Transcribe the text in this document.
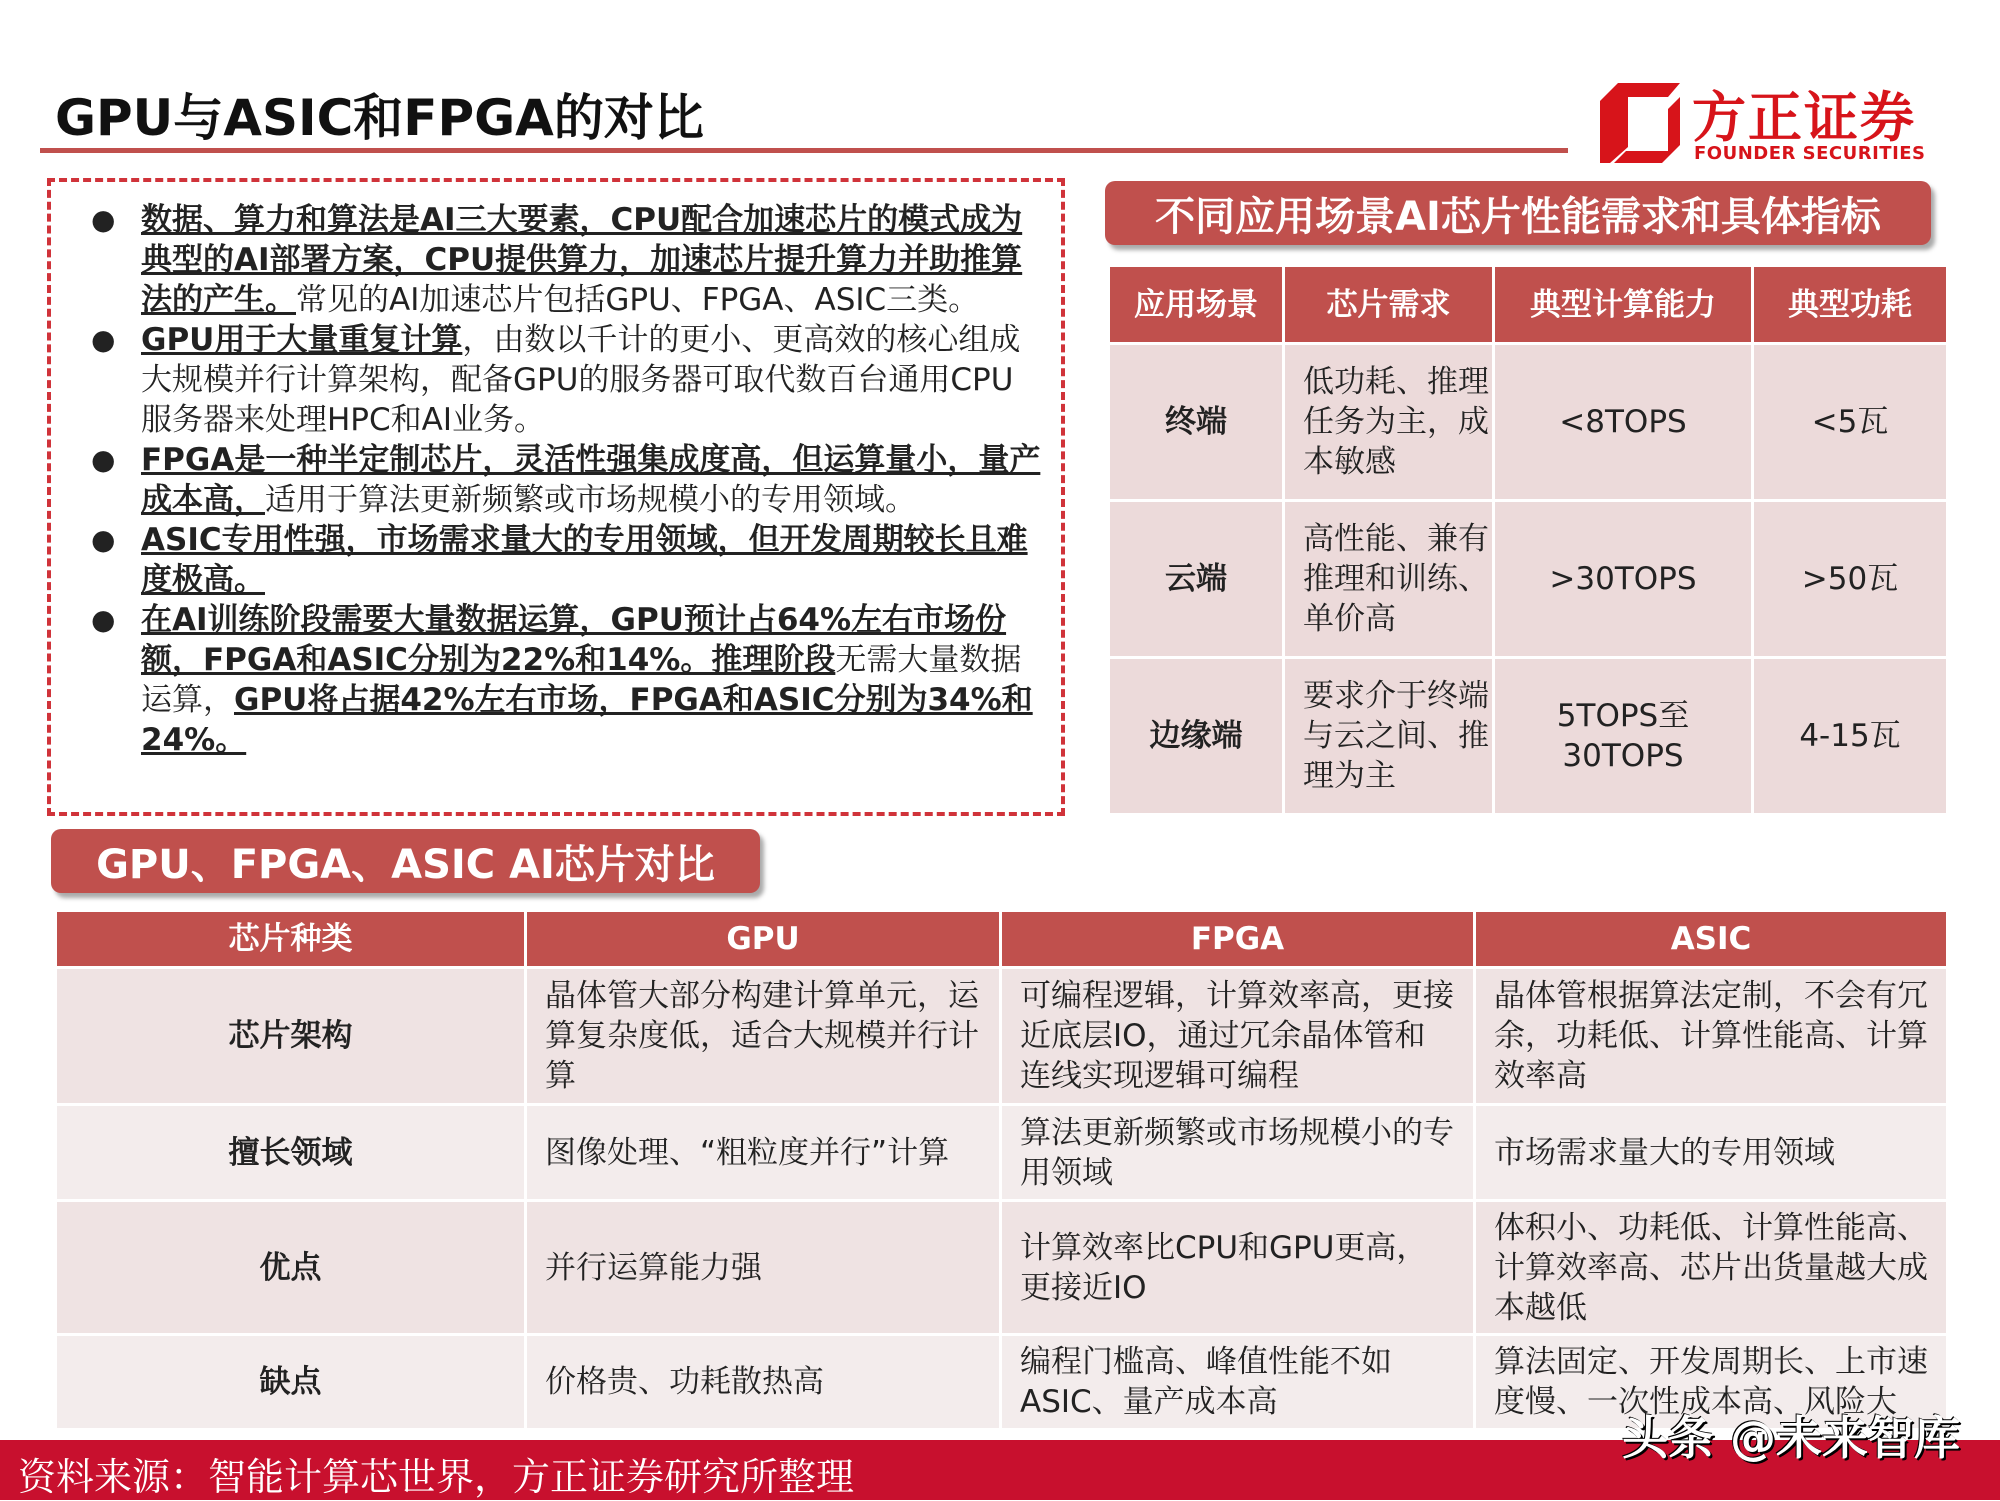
GPU与ASIC和FPGA的对比	方正证券
FOUNDER SECURITIES
● 数据、算力和算法是AI三大要素，CPU配合加速芯片的模式成为典型的AI部署方案，CPU提供算力，加速芯片提升算力并助推算法的产生。常见的AI加速芯片包括GPU、FPGA、ASIC三类。
● GPU用于大量重复计算，由数以千计的更小、更高效的核心组成大规模并行计算架构，配备GPU的服务器可取代数百台通用CPU服务器来处理HPC和AI业务。
● FPGA是一种半定制芯片，灵活性强集成度高，但运算量小，量产成本高，适用于算法更新频繁或市场规模小的专用领域。
● ASIC专用性强，市场需求量大的专用领域，但开发周期较长且难度极高。
● 在AI训练阶段需要大量数据运算，GPU预计占64%左右市场份额，FPGA和ASIC分别为22%和14%。推理阶段无需大量数据运算，GPU将占据42%左右市场，FPGA和ASIC分别为34%和24%。
不同应用场景AI芯片性能需求和具体指标
应用场景	芯片需求	典型计算能力	典型功耗
终端	低功耗、推理任务为主，成本敏感	<8TOPS	<5瓦
云端	高性能、兼有推理和训练、单价高	>30TOPS	>50瓦
边缘端	要求介于终端与云之间、推理为主	5TOPS至30TOPS	4-15瓦
GPU、FPGA、ASIC AI芯片对比
芯片种类	GPU	FPGA	ASIC
芯片架构	晶体管大部分构建计算单元，运算复杂度低，适合大规模并行计算	可编程逻辑，计算效率高，更接近底层IO，通过冗余晶体管和连线实现逻辑可编程	晶体管根据算法定制，不会有冗余，功耗低、计算性能高、计算效率高
擅长领域	图像处理、“粗粒度并行”计算	算法更新频繁或市场规模小的专用领域	市场需求量大的专用领域
优点	并行运算能力强	计算效率比CPU和GPU更高，更接近IO	体积小、功耗低、计算性能高、计算效率高、芯片出货量越大成本越低
缺点	价格贵、功耗散热高	编程门槛高、峰值性能不如ASIC、量产成本高	算法固定、开发周期长、上市速度慢、一次性成本高、风险大
资料来源：智能计算芯世界，方正证券研究所整理
头条 @未来智库
